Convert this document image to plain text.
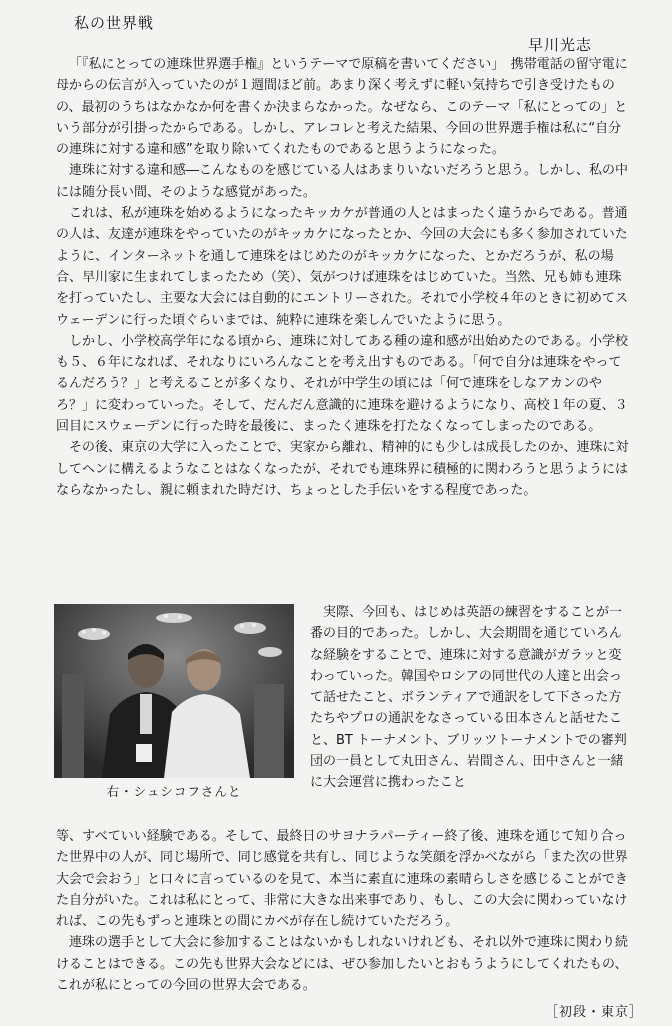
私の世界戦
早川光志

「『私にとっての連珠世界選手権』というテーマで原稿を書いてください」　携帯電話の留守電に母からの伝言が入っていたのが１週間ほど前。あまり深く考えずに軽い気持ちで引き受けたものの、最初のうちはなかなか何を書くか決まらなかった。なぜなら、このテーマ「私にとっての」という部分が引掛ったからである。しかし、アレコレと考えた結果、今回の世界選手権は私に“自分の連珠に対する違和感”を取り除いてくれたものであると思うようになった。

連珠に対する違和感―こんなものを感じている人はあまりいないだろうと思う。しかし、私の中には随分長い間、そのような感覚があった。

これは、私が連珠を始めるようになったキッカケが普通の人とはまったく違うからである。普通の人は、友達が連珠をやっていたのがキッカケになったとか、今回の大会にも多く参加されていたように、インターネットを通して連珠をはじめたのがキッカケになった、とかだろうが、私の場合、早川家に生まれてしまったため（笑）、気がつけば連珠をはじめていた。当然、兄も姉も連珠を打っていたし、主要な大会には自動的にエントリーされた。それで小学校４年のときに初めてスウェーデンに行った頃ぐらいまでは、純粋に連珠を楽しんでいたように思う。

しかし、小学校高学年になる頃から、連珠に対してある種の違和感が出始めたのである。小学校も５、６年になれば、それなりにいろんなことを考え出すものである。「何で自分は連珠をやってるんだろう？」と考えることが多くなり、それが中学生の頃には「何で連珠をしなアカンのやろ？」に変わっていった。そして、だんだん意識的に連珠を避けるようになり、高校１年の夏、３回目にスウェーデンに行った時を最後に、まったく連珠を打たなくなってしまったのである。

その後、東京の大学に入ったことで、実家から離れ、精神的にも少しは成長したのか、連珠に対してヘンに構えるようなことはなくなったが、それでも連珠界に積極的に関わろうと思うようにはならなかったし、親に頼まれた時だけ、ちょっとした手伝いをする程度であった。

右・シュシコフさんと

実際、今回も、はじめは英語の練習をすることが一番の目的であった。しかし、大会期間を通じていろんな経験をすることで、連珠に対する意識がガラッと変わっていった。韓国やロシアの同世代の人達と出会って話せたこと、ボランティアで通訳をして下さった方たちやプロの通訳をなさっている田本さんと話せたこと、BT トーナメント、ブリッツトーナメントでの審判団の一員として丸田さん、岩間さん、田中さんと一緒に大会運営に携わったこと

等、すべていい経験である。そして、最終日のサヨナラパーティー終了後、連珠を通じて知り合った世界中の人が、同じ場所で、同じ感覚を共有し、同じような笑顔を浮かべながら「また次の世界大会で会おう」と口々に言っているのを見て、本当に素直に連珠の素晴らしさを感じることができた自分がいた。これは私にとって、非常に大きな出来事であり、もし、この大会に関わっていなければ、この先もずっと連珠との間にカベが存在し続けていただろう。

連珠の選手として大会に参加することはないかもしれないけれども、それ以外で連珠に関わり続けることはできる。この先も世界大会などには、ぜひ参加したいとおもうようにしてくれたもの、これが私にとっての今回の世界大会である。

［初段・東京］
